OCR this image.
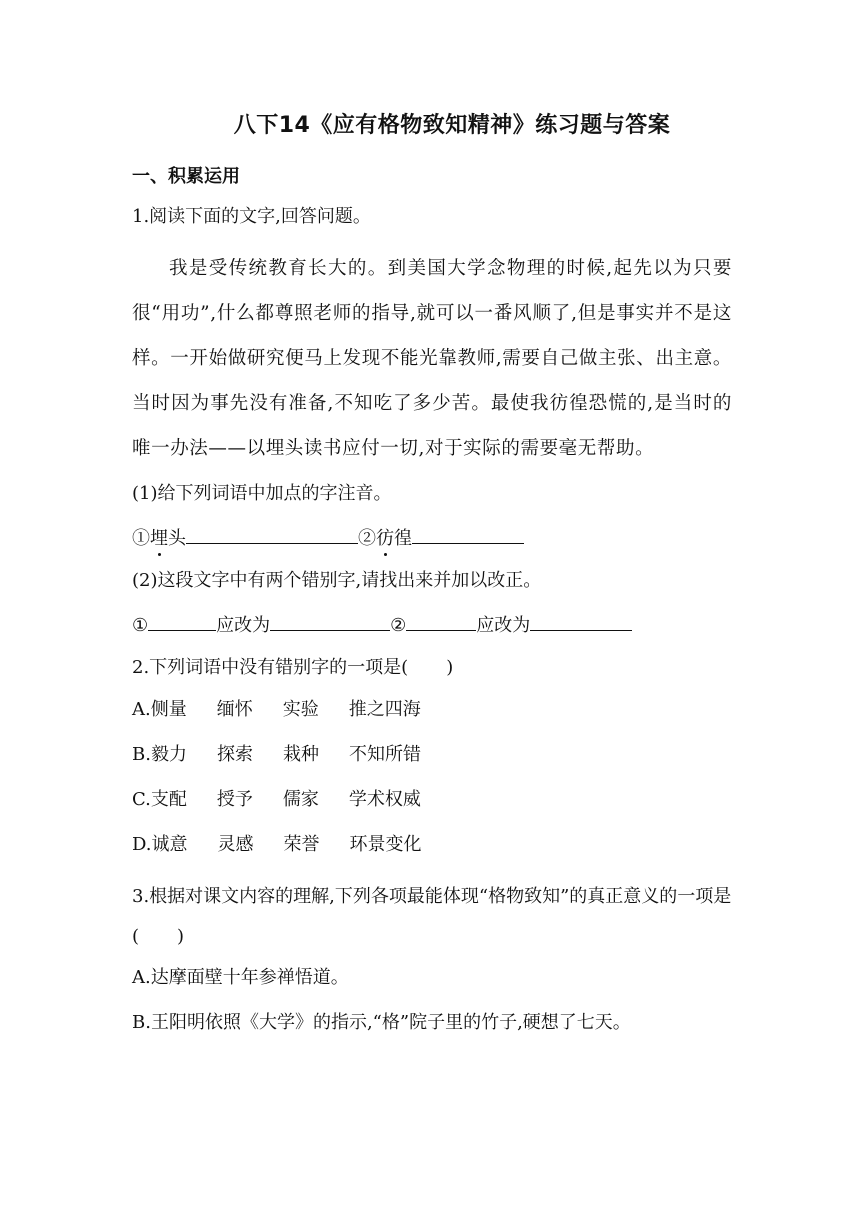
八下14《应有格物致知精神》练习题与答案
一、积累运用
1.阅读下面的文字,回答问题。
我是受传统教育长大的。到美国大学念物理的时候,起先以为只要很“用功”,什么都尊照老师的指导,就可以一番风顺了,但是事实并不是这样。一开始做研究便马上发现不能光靠教师,需要自己做主张、出主意。当时因为事先没有准备,不知吃了多少苦。最使我彷徨恐慌的,是当时的唯一办法——以埋头读书应付一切,对于实际的需要毫无帮助。
(1)给下列词语中加点的字注音。
①埋头	②彷徨
(2)这段文字中有两个错别字,请找出来并加以改正。
①	应改为	②	应改为
2.下列词语中没有错别字的一项是( )
A.侧量 缅怀 实验 推之四海
B.毅力 探索 栽种 不知所错
C.支配 授予 儒家 学术权威
D.诚意 灵感 荣誉 环景变化
3.根据对课文内容的理解,下列各项最能体现“格物致知”的真正意义的一项是( )
A.达摩面壁十年参禅悟道。
B.王阳明依照《大学》的指示,“格”院子里的竹子,硬想了七天。
